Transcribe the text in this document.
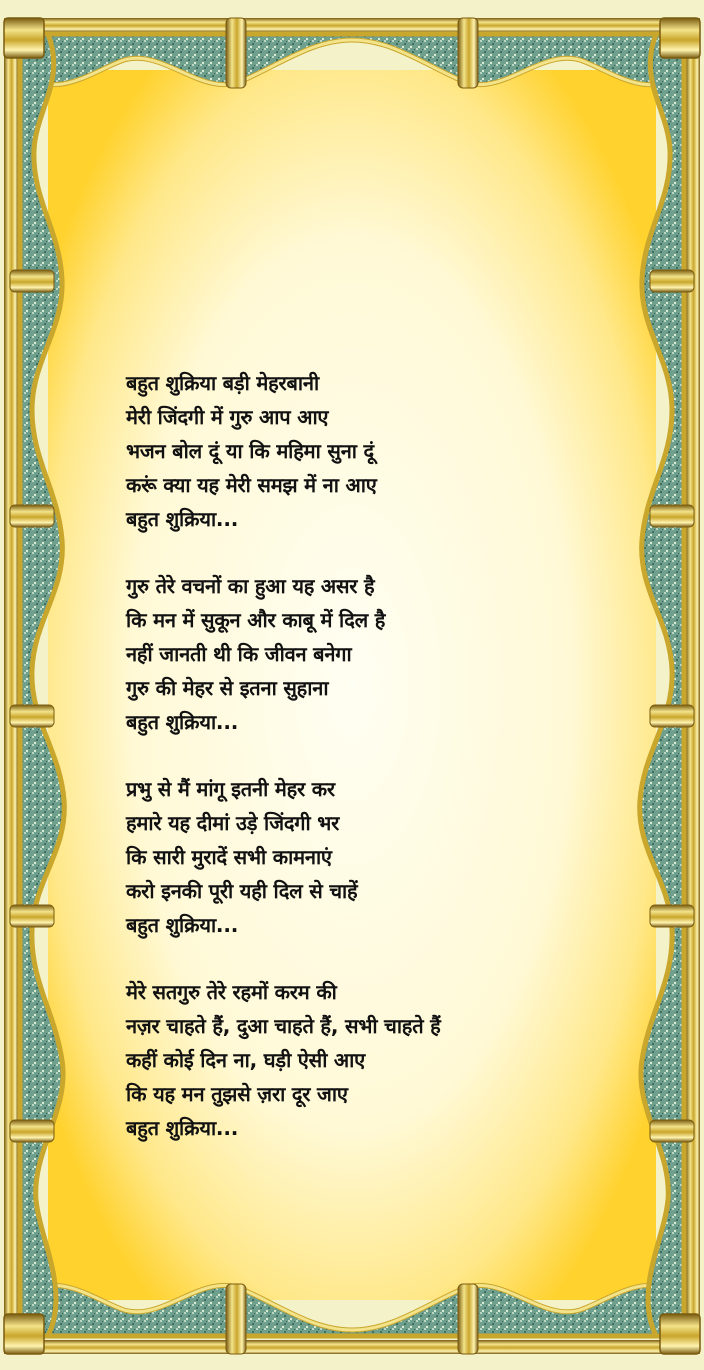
बहुत शुक्रिया बड़ी मेहरबानी
मेरी जिंदगी में गुरु आप आए
भजन बोल दूं या कि महिमा सुना दूं
करूं क्या यह मेरी समझ में ना आए
बहुत शुक्रिया...
गुरु तेरे वचनों का हुआ यह असर है
कि मन में सुकून और काबू में दिल है
नहीं जानती थी कि जीवन बनेगा
गुरु की मेहर से इतना सुहाना
बहुत शुक्रिया...
प्रभु से मैं मांगू इतनी मेहर कर
हमारे यह दीमां उड़े जिंदगी भर
कि सारी मुरादें सभी कामनाएं
करो इनकी पूरी यही दिल से चाहें
बहुत शुक्रिया...
मेरे सतगुरु तेरे रहमों करम की
नज़र चाहते हैं, दुआ चाहते हैं, सभी चाहते हैं
कहीं कोई दिन ना, घड़ी ऐसी आए
कि यह मन तुझसे ज़रा दूर जाए
बहुत शुक्रिया...
